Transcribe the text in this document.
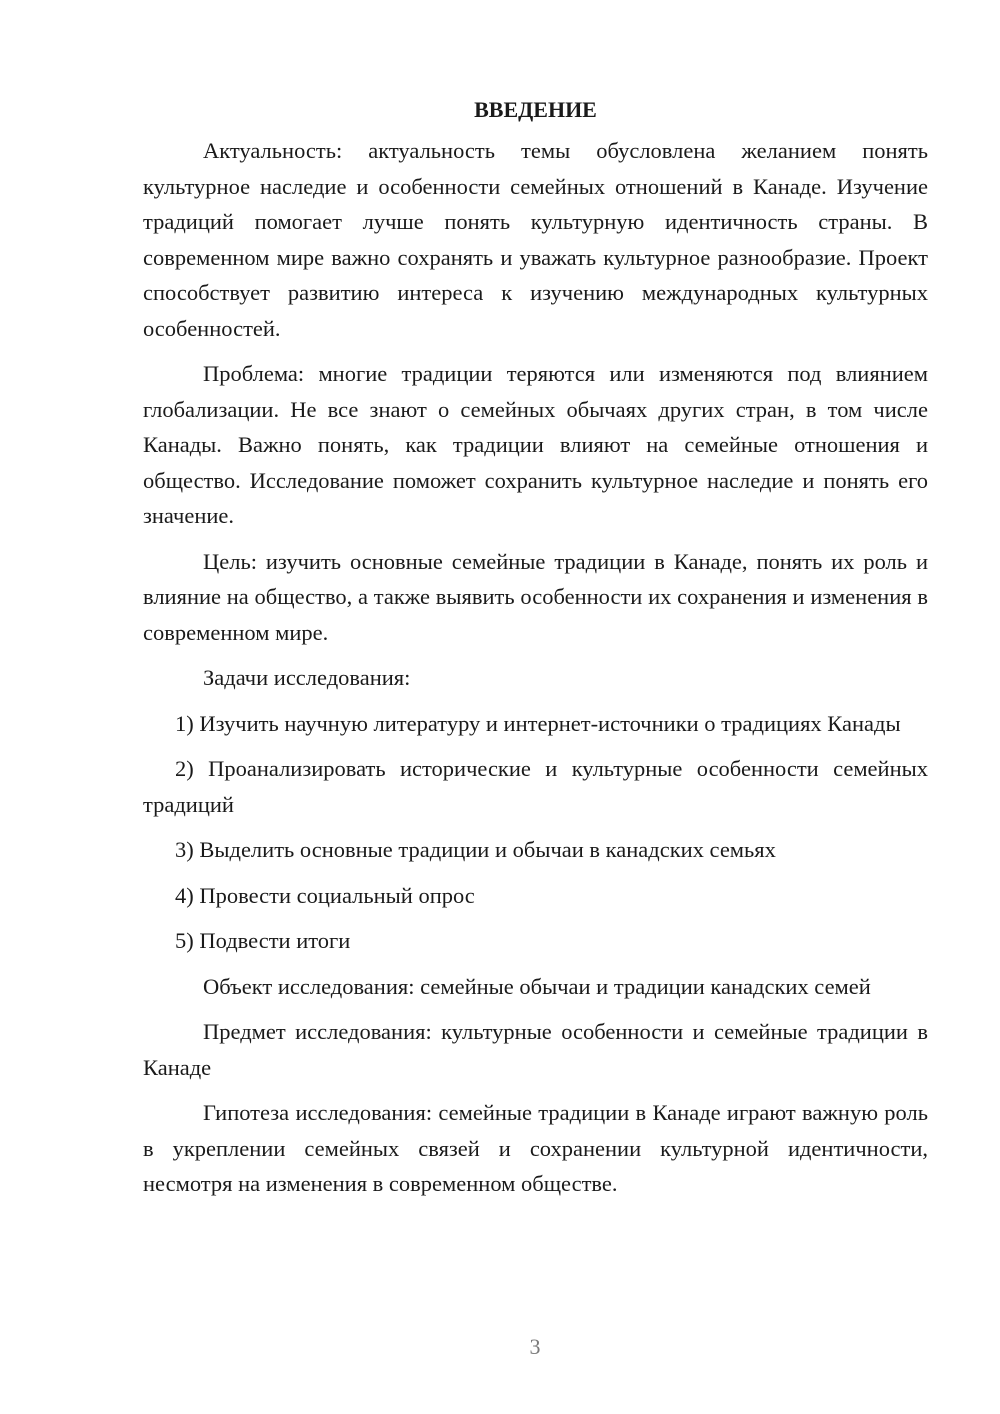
ВВЕДЕНИЕ

Актуальность: актуальность темы обусловлена желанием понять культурное наследие и особенности семейных отношений в Канаде. Изучение традиций помогает лучше понять культурную идентичность страны. В современном мире важно сохранять и уважать культурное разнообразие. Проект способствует развитию интереса к изучению международных культурных особенностей.

Проблема: многие традиции теряются или изменяются под влиянием глобализации. Не все знают о семейных обычаях других стран, в том числе Канады. Важно понять, как традиции влияют на семейные отношения и общество. Исследование поможет сохранить культурное наследие и понять его значение.

Цель: изучить основные семейные традиции в Канаде, понять их роль и влияние на общество, а также выявить особенности их сохранения и изменения в современном мире.

Задачи исследования:

1) Изучить научную литературу и интернет-источники о традициях Канады

2) Проанализировать исторические и культурные особенности семейных традиций

3) Выделить основные традиции и обычаи в канадских семьях

4) Провести социальный опрос

5) Подвести итоги

Объект исследования: семейные обычаи и традиции канадских семей

Предмет исследования: культурные особенности и семейные традиции в Канаде

Гипотеза исследования: семейные традиции в Канаде играют важную роль в укреплении семейных связей и сохранении культурной идентичности, несмотря на изменения в современном обществе.

3
